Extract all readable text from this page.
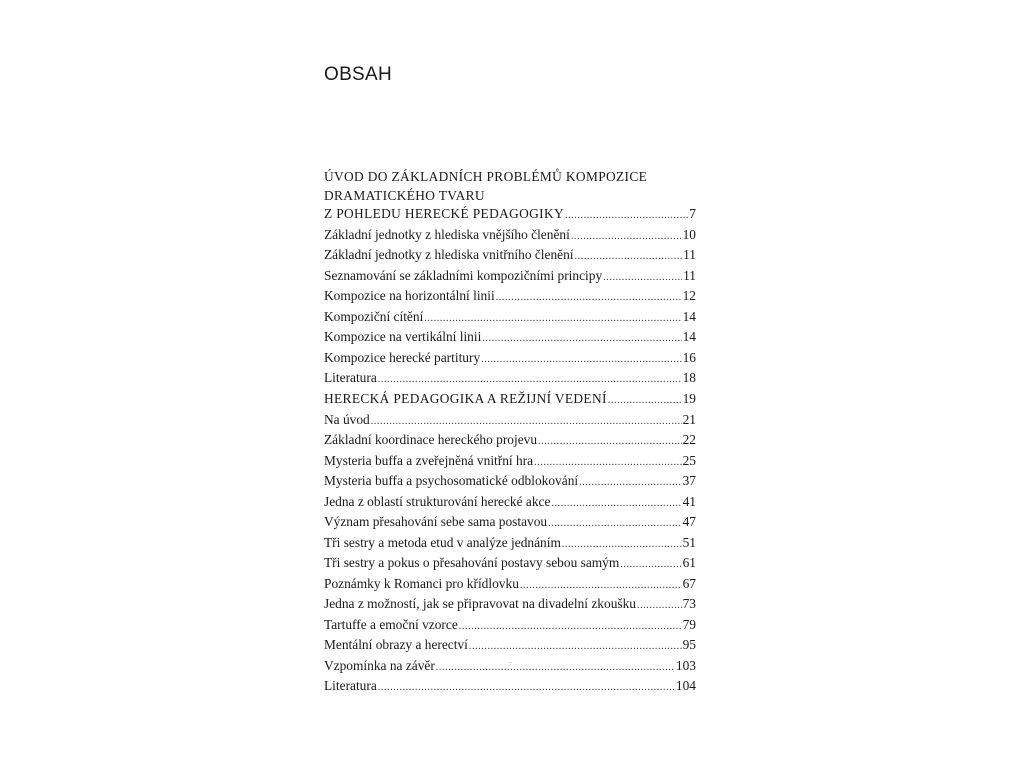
OBSAH
ÚVOD DO ZÁKLADNÍCH PROBLÉMŮ KOMPOZICE
DRAMATICKÉHO TVARU
Z POHLEDU HERECKÉ PEDAGOGIKY .....	7
Základní jednotky z hlediska vnějšího členění .....	10
Základní jednotky z hlediska vnitřního členění .....	11
Seznamování se základními kompozičními principy .....	11
Kompozice na horizontální linii .....	12
Kompoziční cítění .....	14
Kompozice na vertikální linii .....	14
Kompozice herecké partitury .....	16
Literatura .....	18
HERECKÁ PEDAGOGIKA A REŽIJNÍ VEDENÍ .....	19
Na úvod .....	21
Základní koordinace hereckého projevu .....	22
Mysteria buffa a zveřejněná vnitřní hra .....	25
Mysteria buffa a psychosomatické odblokování .....	37
Jedna z oblastí strukturování herecké akce .....	41
Význam přesahování sebe sama postavou .....	47
Tři sestry a metoda etud v analýze jednáním .....	51
Tři sestry a pokus o přesahování postavy sebou samým .....	61
Poznámky k Romanci pro křídlovku .....	67
Jedna z možností, jak se připravovat na divadelní zkoušku .....	73
Tartuffe a emoční vzorce .....	79
Mentální obrazy a herectví .....	95
Vzpomínka na závěr .....	103
Literatura .....	104
